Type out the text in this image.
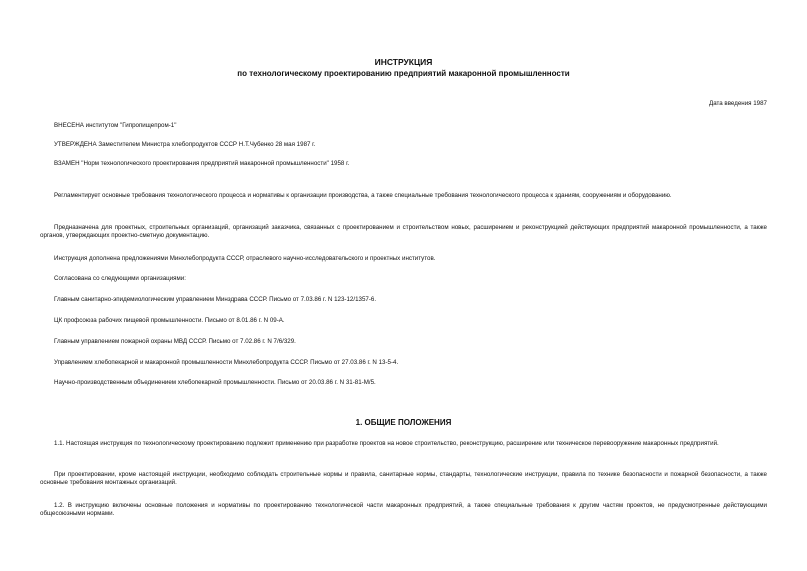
ИНСТРУКЦИЯ
по технологическому проектированию предприятий макаронной промышленности
Дата введения 1987
ВНЕСЕНА институтом "Гипропищепром-1"
УТВЕРЖДЕНА Заместителем Министра хлебопродуктов СССР Н.Т.Чубенко 28 мая 1987 г.
ВЗАМЕН "Норм технологического проектирования предприятий макаронной промышленности" 1958 г.
Регламентирует основные требования технологического процесса и нормативы к организации производства, а также специальные требования технологического процесса к зданиям, сооружениям и оборудованию.
Предназначена для проектных, строительных организаций, организаций заказчика, связанных с проектированием и строительством новых, расширением и реконструкцией действующих предприятий макаронной промышленности, а также органов, утверждающих проектно-сметную документацию.
Инструкция дополнена предложениями Минхлебопродукта СССР, отраслевого научно-исследовательского и проектных институтов.
Согласована со следующими организациями:
Главным санитарно-эпидемиологическим управлением Минздрава СССР. Письмо от 7.03.86 г. N 123-12/1357-6.
ЦК профсоюза рабочих пищевой промышленности. Письмо от 8.01.86 г. N 09-А.
Главным управлением пожарной охраны МВД СССР. Письмо от 7.02.86 г. N 7/6/329.
Управлением хлебопекарной и макаронной промышленности Минхлебопродукта СССР. Письмо от 27.03.86 г. N 13-5-4.
Научно-производственным объединением хлебопекарной промышленности. Письмо от 20.03.86 г. N 31-81-М/5.
1. ОБЩИЕ ПОЛОЖЕНИЯ
1.1. Настоящая инструкция по технологическому проектированию подлежит применению при разработке проектов на новое строительство, реконструкцию, расширение или техническое перевооружение макаронных предприятий.
При проектировании, кроме настоящей инструкции, необходимо соблюдать строительные нормы и правила, санитарные нормы, стандарты, технологические инструкции, правила по технике безопасности и пожарной безопасности, а также основные требования монтажных организаций.
1.2. В инструкцию включены основные положения и нормативы по проектированию технологической части макаронных предприятий, а также специальные требования к другим частям проектов, не предусмотренные действующими общесоюзными нормами.
